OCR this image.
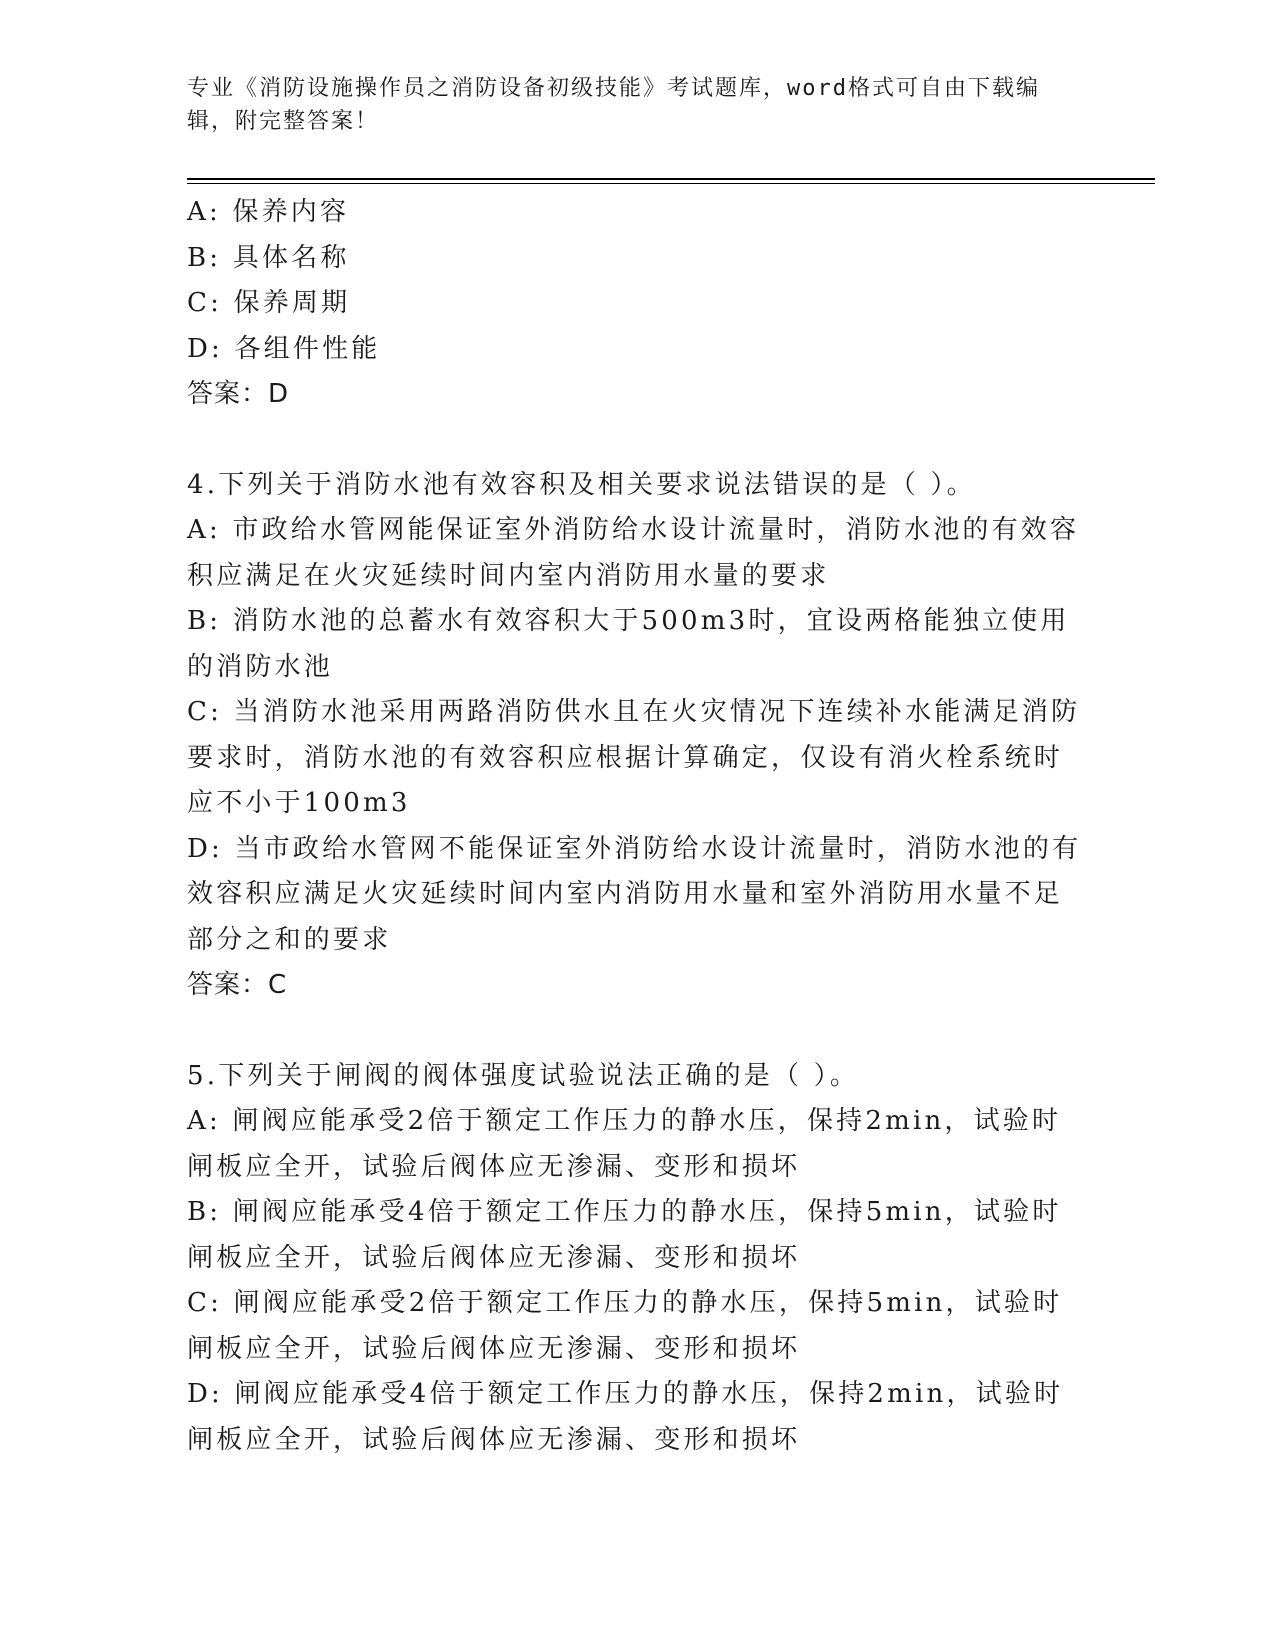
专业《消防设施操作员之消防设备初级技能》考试题库，word格式可自由下载编辑，附完整答案！
A: 保养内容
B: 具体名称
C: 保养周期
D: 各组件性能
答案：D
4.下列关于消防水池有效容积及相关要求说法错误的是（ ）。
A: 市政给水管网能保证室外消防给水设计流量时，消防水池的有效容积应满足在火灾延续时间内室内消防用水量的要求
B: 消防水池的总蓄水有效容积大于500m3时，宜设两格能独立使用的消防水池
C: 当消防水池采用两路消防供水且在火灾情况下连续补水能满足消防要求时，消防水池的有效容积应根据计算确定，仅设有消火栓系统时应不小于100m3
D: 当市政给水管网不能保证室外消防给水设计流量时，消防水池的有效容积应满足火灾延续时间内室内消防用水量和室外消防用水量不足部分之和的要求
答案：C
5.下列关于闸阀的阀体强度试验说法正确的是（ ）。
A: 闸阀应能承受2倍于额定工作压力的静水压，保持2min，试验时闸板应全开，试验后阀体应无渗漏、变形和损坏
B: 闸阀应能承受4倍于额定工作压力的静水压，保持5min，试验时闸板应全开，试验后阀体应无渗漏、变形和损坏
C: 闸阀应能承受2倍于额定工作压力的静水压，保持5min，试验时闸板应全开，试验后阀体应无渗漏、变形和损坏
D: 闸阀应能承受4倍于额定工作压力的静水压，保持2min，试验时闸板应全开，试验后阀体应无渗漏、变形和损坏
